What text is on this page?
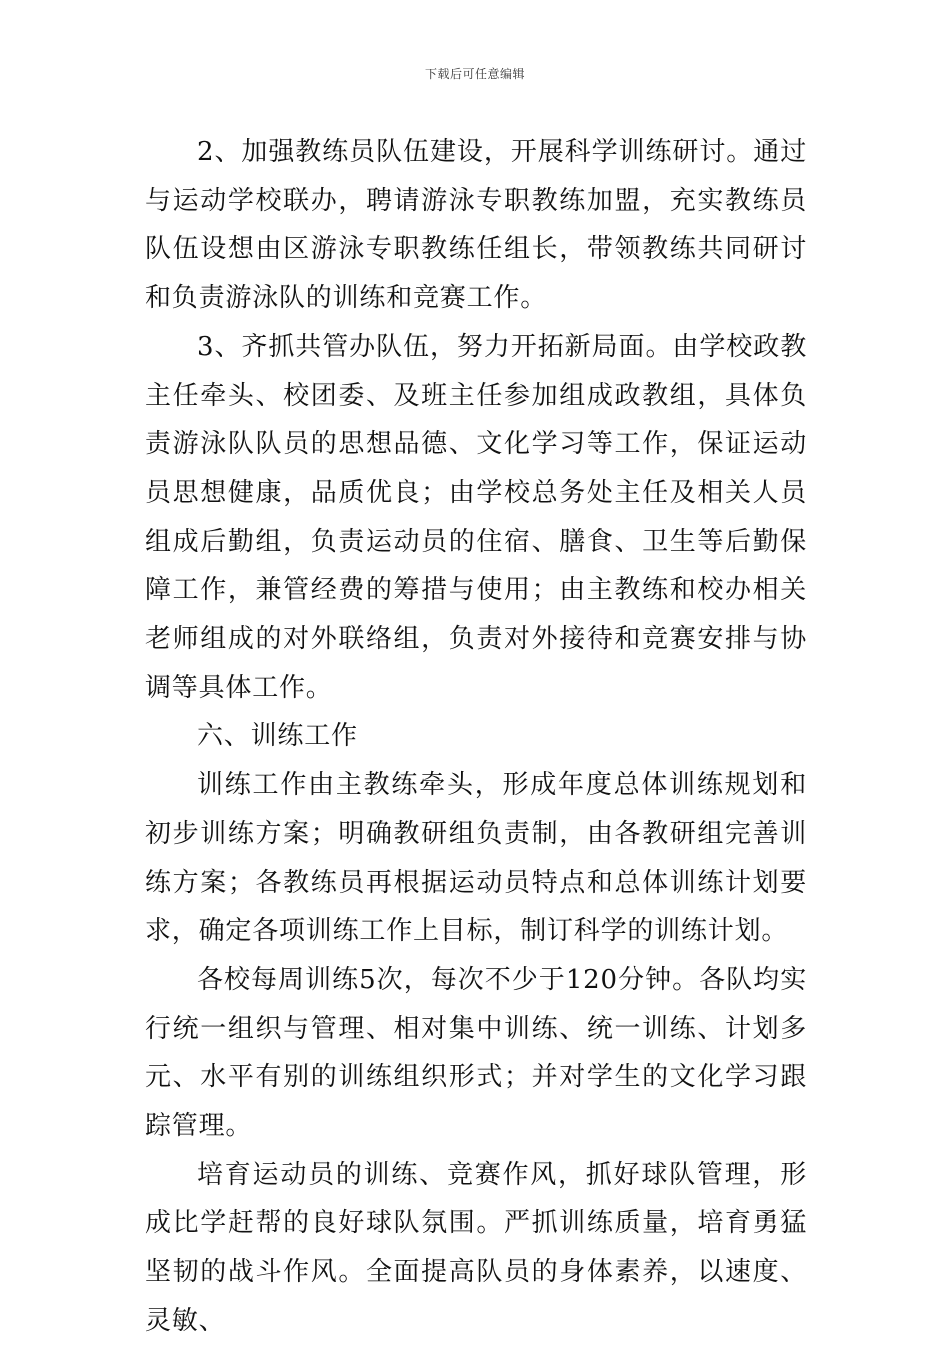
下载后可任意编辑

2、加强教练员队伍建设，开展科学训练研讨。通过与运动学校联办，聘请游泳专职教练加盟，充实教练员队伍设想由区游泳专职教练任组长，带领教练共同研讨和负责游泳队的训练和竞赛工作。

3、齐抓共管办队伍，努力开拓新局面。由学校政教主任牵头、校团委、及班主任参加组成政教组，具体负责游泳队队员的思想品德、文化学习等工作，保证运动员思想健康，品质优良；由学校总务处主任及相关人员组成后勤组，负责运动员的住宿、膳食、卫生等后勤保障工作，兼管经费的筹措与使用；由主教练和校办相关老师组成的对外联络组，负责对外接待和竞赛安排与协调等具体工作。

六、训练工作

训练工作由主教练牵头，形成年度总体训练规划和初步训练方案；明确教研组负责制，由各教研组完善训练方案；各教练员再根据运动员特点和总体训练计划要求，确定各项训练工作上目标，制订科学的训练计划。

各校每周训练5次，每次不少于120分钟。各队均实行统一组织与管理、相对集中训练、统一训练、计划多元、水平有别的训练组织形式；并对学生的文化学习跟踪管理。

培育运动员的训练、竞赛作风，抓好球队管理，形成比学赶帮的良好球队氛围。严抓训练质量，培育勇猛坚韧的战斗作风。全面提高队员的身体素养，以速度、灵敏、
